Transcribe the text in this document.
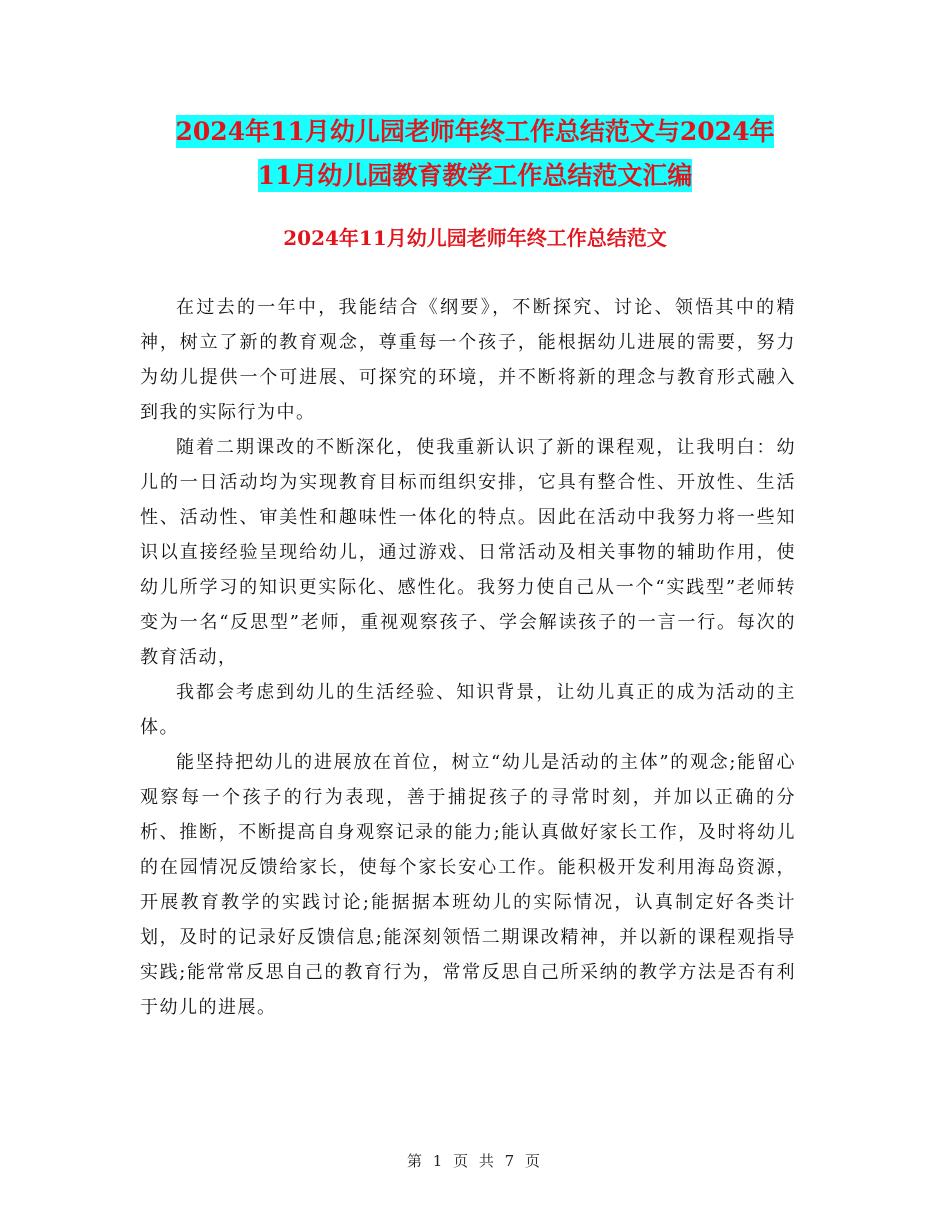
2024年11月幼儿园老师年终工作总结范文与2024年
11月幼儿园教育教学工作总结范文汇编
2024年11月幼儿园老师年终工作总结范文

在过去的一年中，我能结合《纲要》，不断探究、讨论、领悟其中的精神，树立了新的教育观念，尊重每一个孩子，能根据幼儿进展的需要，努力为幼儿提供一个可进展、可探究的环境，并不断将新的理念与教育形式融入到我的实际行为中。

随着二期课改的不断深化，使我重新认识了新的课程观，让我明白：幼儿的一日活动均为实现教育目标而组织安排，它具有整合性、开放性、生活性、活动性、审美性和趣味性一体化的特点。因此在活动中我努力将一些知识以直接经验呈现给幼儿，通过游戏、日常活动及相关事物的辅助作用，使幼儿所学习的知识更实际化、感性化。我努力使自己从一个“实践型”老师转变为一名“反思型”老师，重视观察孩子、学会解读孩子的一言一行。每次的教育活动，

我都会考虑到幼儿的生活经验、知识背景，让幼儿真正的成为活动的主体。

能坚持把幼儿的进展放在首位，树立“幼儿是活动的主体”的观念;能留心观察每一个孩子的行为表现，善于捕捉孩子的寻常时刻，并加以正确的分析、推断，不断提高自身观察记录的能力;能认真做好家长工作，及时将幼儿的在园情况反馈给家长，使每个家长安心工作。能积极开发利用海岛资源，开展教育教学的实践讨论;能据据本班幼儿的实际情况，认真制定好各类计划，及时的记录好反馈信息;能深刻领悟二期课改精神，并以新的课程观指导实践;能常常反思自己的教育行为，常常反思自己所采纳的教学方法是否有利于幼儿的进展。

第 1 页 共 7 页
